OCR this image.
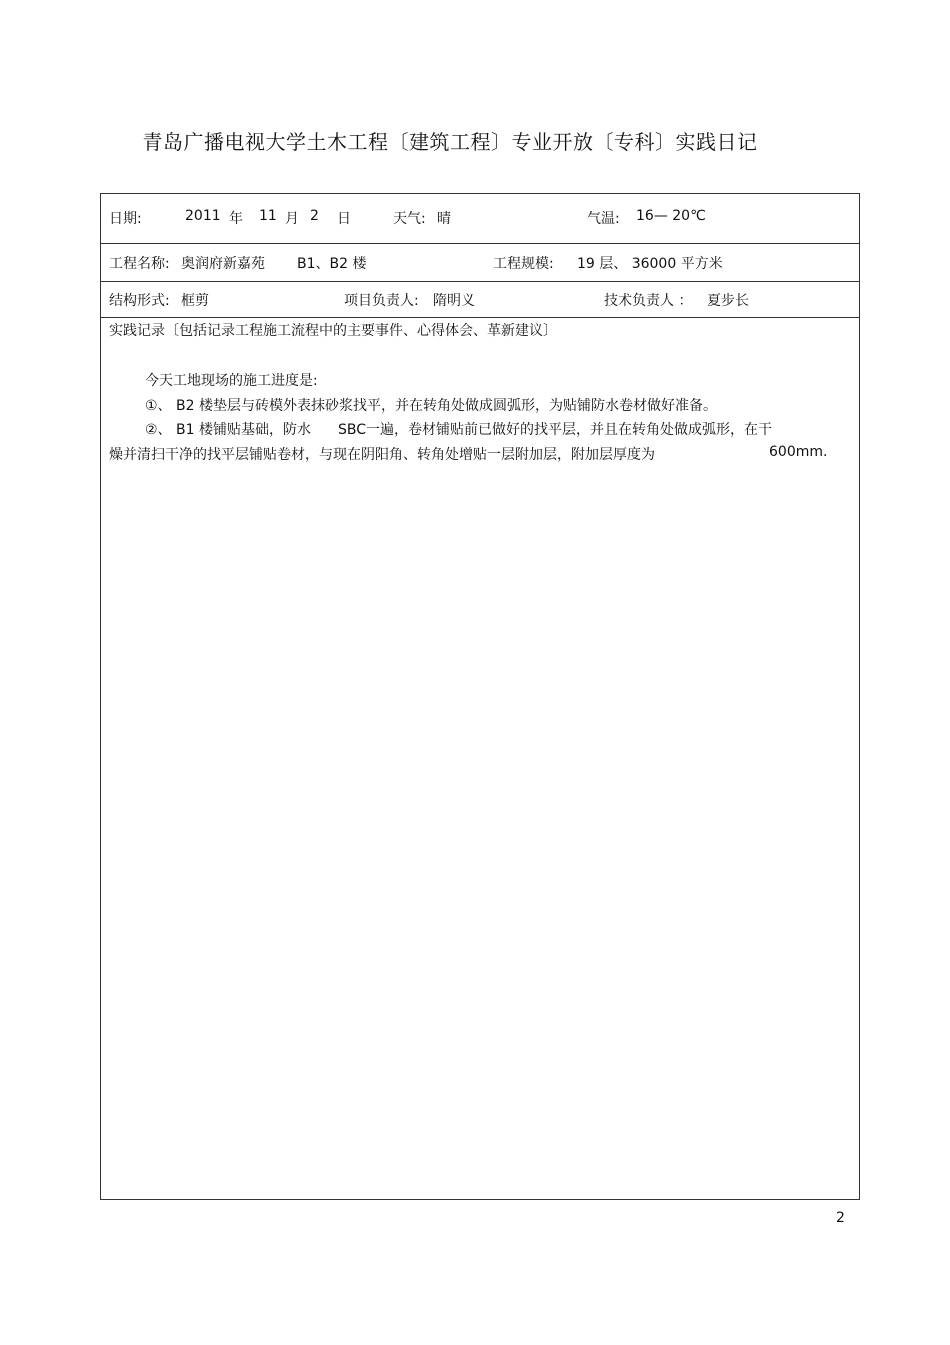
青岛广播电视大学土木工程〔建筑工程〕专业开放〔专科〕实践日记
日期:	2011 年 11 月 2 日	天气: 晴	气温: 16— 20℃
工程名称: 奥润府新嘉苑 B1、B2 楼	工程规模: 19 层、 36000 平方米
结构形式: 框剪	项目负责人: 隋明义	技术负责人 ： 夏步长
实践记录〔包括记录工程施工流程中的主要事件、心得体会、革新建议〕
今天工地现场的施工进度是:
①、 B2 楼垫层与砖模外表抹砂浆找平，并在转角处做成圆弧形，为贴铺防水卷材做好准备。
②、 B1 楼铺贴基础，防水 SBC一遍，卷材铺贴前已做好的找平层，并且在转角处做成弧形，在干
燥并清扫干净的找平层铺贴卷材，与现在阴阳角、转角处增贴一层附加层，附加层厚度为	600mm.
2
